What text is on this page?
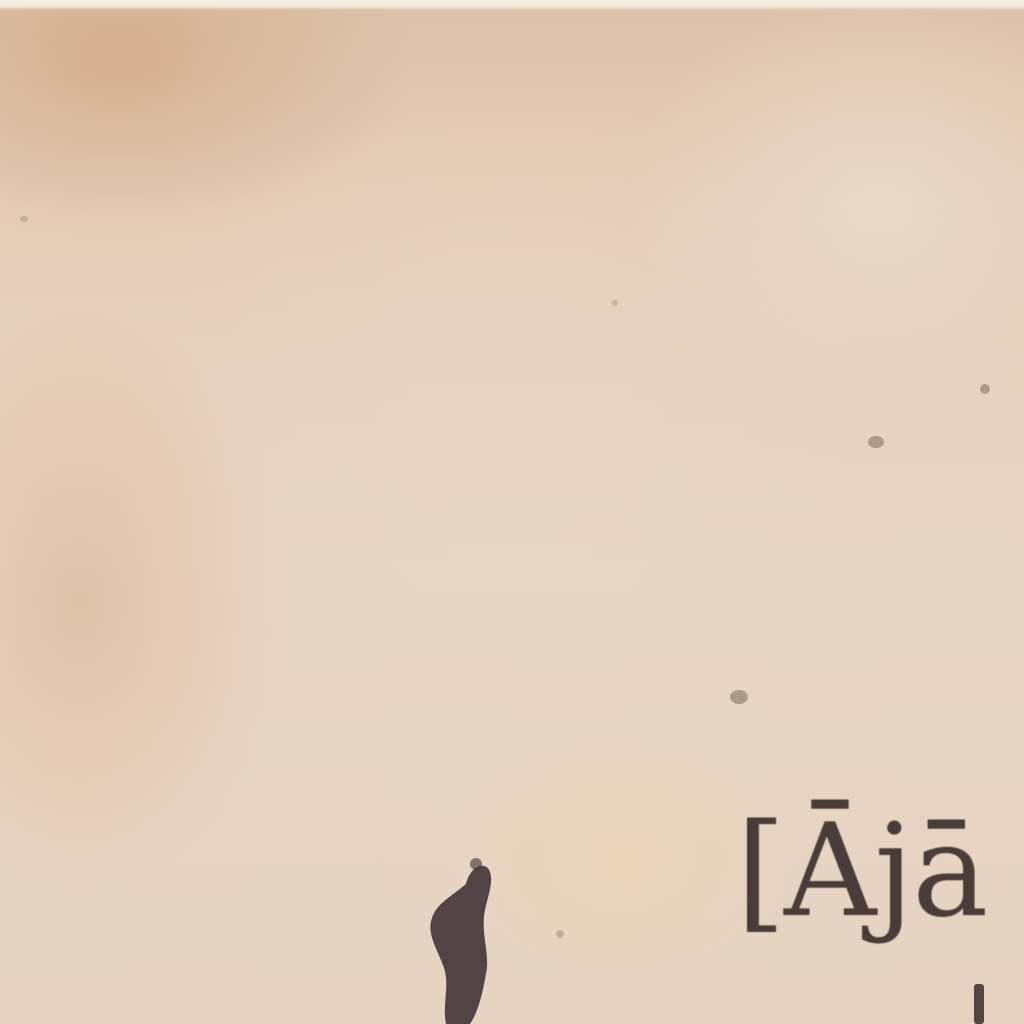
[Ājā
